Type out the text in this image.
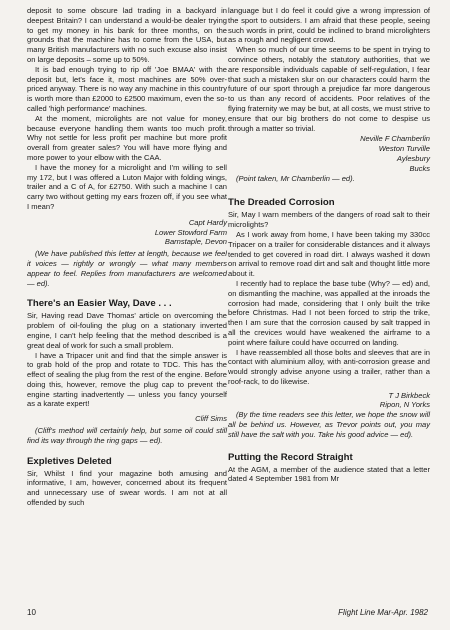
deposit to some obscure lad trading in a backyard in deepest Britain? I can understand a would-be dealer trying to get my money in his bank for three months, on the grounds that the machine has to come from the USA, but many British manufacturers with no such excuse also insist on large deposits – some up to 50%.

It is bad enough trying to rip off 'Joe BMAA' with the deposit but, let's face it, most machines are 50% over-priced anyway. There is no way any machine in this country is worth more than £2000 to £2500 maximum, even the so-called 'high performance' machines.

At the moment, microlights are not value for money, because everyone handling them wants too much profit. Why not settle for less profit per machine but more profit overall from greater sales? You will have more flying and more power to your elbow with the CAA.

I have the money for a microlight and I'm willing to sell my 172, but I was offered a Luton Major with folding wings, trailer and a C of A, for £2750. With such a machine I can carry two without getting my ears frozen off, if you see what I mean?

Capt Hardy

Lower Stowford Farm

Barnstaple, Devon

(We have published this letter at length, because we feel it voices — rightly or wrongly — what many members appear to feel. Replies from manufacturers are welcomed — ed).

There's an Easier Way, Dave . . .

Sir, Having read Dave Thomas' article on overcoming the problem of oil-fouling the plug on a stationary inverted engine, I can't help feeling that the method described is a great deal of work for such a small problem.

I have a Tripacer unit and find that the simple answer is to grab hold of the prop and rotate to TDC. This has the effect of sealing the plug from the rest of the engine. Before doing this, however, remove the plug cap to prevent the engine starting inadvertently — unless you fancy yourself as a karate expert!

Cliff Sims

(Cliff's method will certainly help, but some oil could still find its way through the ring gaps — ed).

Expletives Deleted

Sir, Whilst I find your magazine both amusing and informative, I am, however, concerned about its frequent and unnecessary use of swear words. I am not at all offended by such

language but I do feel it could give a wrong impression of the sport to outsiders. I am afraid that these people, seeing such words in print, could be inclined to brand microlighters as a rough and negligent crowd.

When so much of our time seems to be spent in trying to convince others, notably the statutory authorities, that we are responsible individuals capable of self-regulation, I fear that such a mistaken slur on our characters could harm the future of our sport through a prejudice far more dangerous to us than any record of accidents. Poor relatives of the flying fraternity we may be but, at all costs, we must strive to ensure that our big brothers do not come to despise us through a matter so trivial.

Neville F Chamberlin

Weston Turville

Aylesbury

Bucks

(Point taken, Mr Chamberlin — ed).

The Dreaded Corrosion

Sir, May I warn members of the dangers of road salt to their microlights?

As I work away from home, I have been taking my 330cc Tripacer on a trailer for considerable distances and it always tended to get covered in road dirt. I always washed it down on arrival to remove road dirt and salt and thought little more about it.

I recently had to replace the base tube (Why? — ed) and, on dismantling the machine, was appalled at the inroads the corrosion had made, considering that I only built the trike before Christmas. Had I not been forced to strip the trike, then I am sure that the corrosion caused by salt trapped in all the crevices would have weakened the airframe to a point where failure could have occurred on landing.

I have reassembled all those bolts and sleeves that are in contact with aluminium alloy, with anti-corrosion grease and would strongly advise anyone using a trailer, rather than a roof-rack, to do likewise.

T J Birkbeck

Ripon, N Yorks

(By the time readers see this letter, we hope the snow will all be behind us. However, as Trevor points out, you may still have the salt with you. Take his good advice — ed).

Putting the Record Straight

At the AGM, a member of the audience stated that a letter dated 4 September 1981 from Mr

10	Flight Line Mar-Apr. 1982
